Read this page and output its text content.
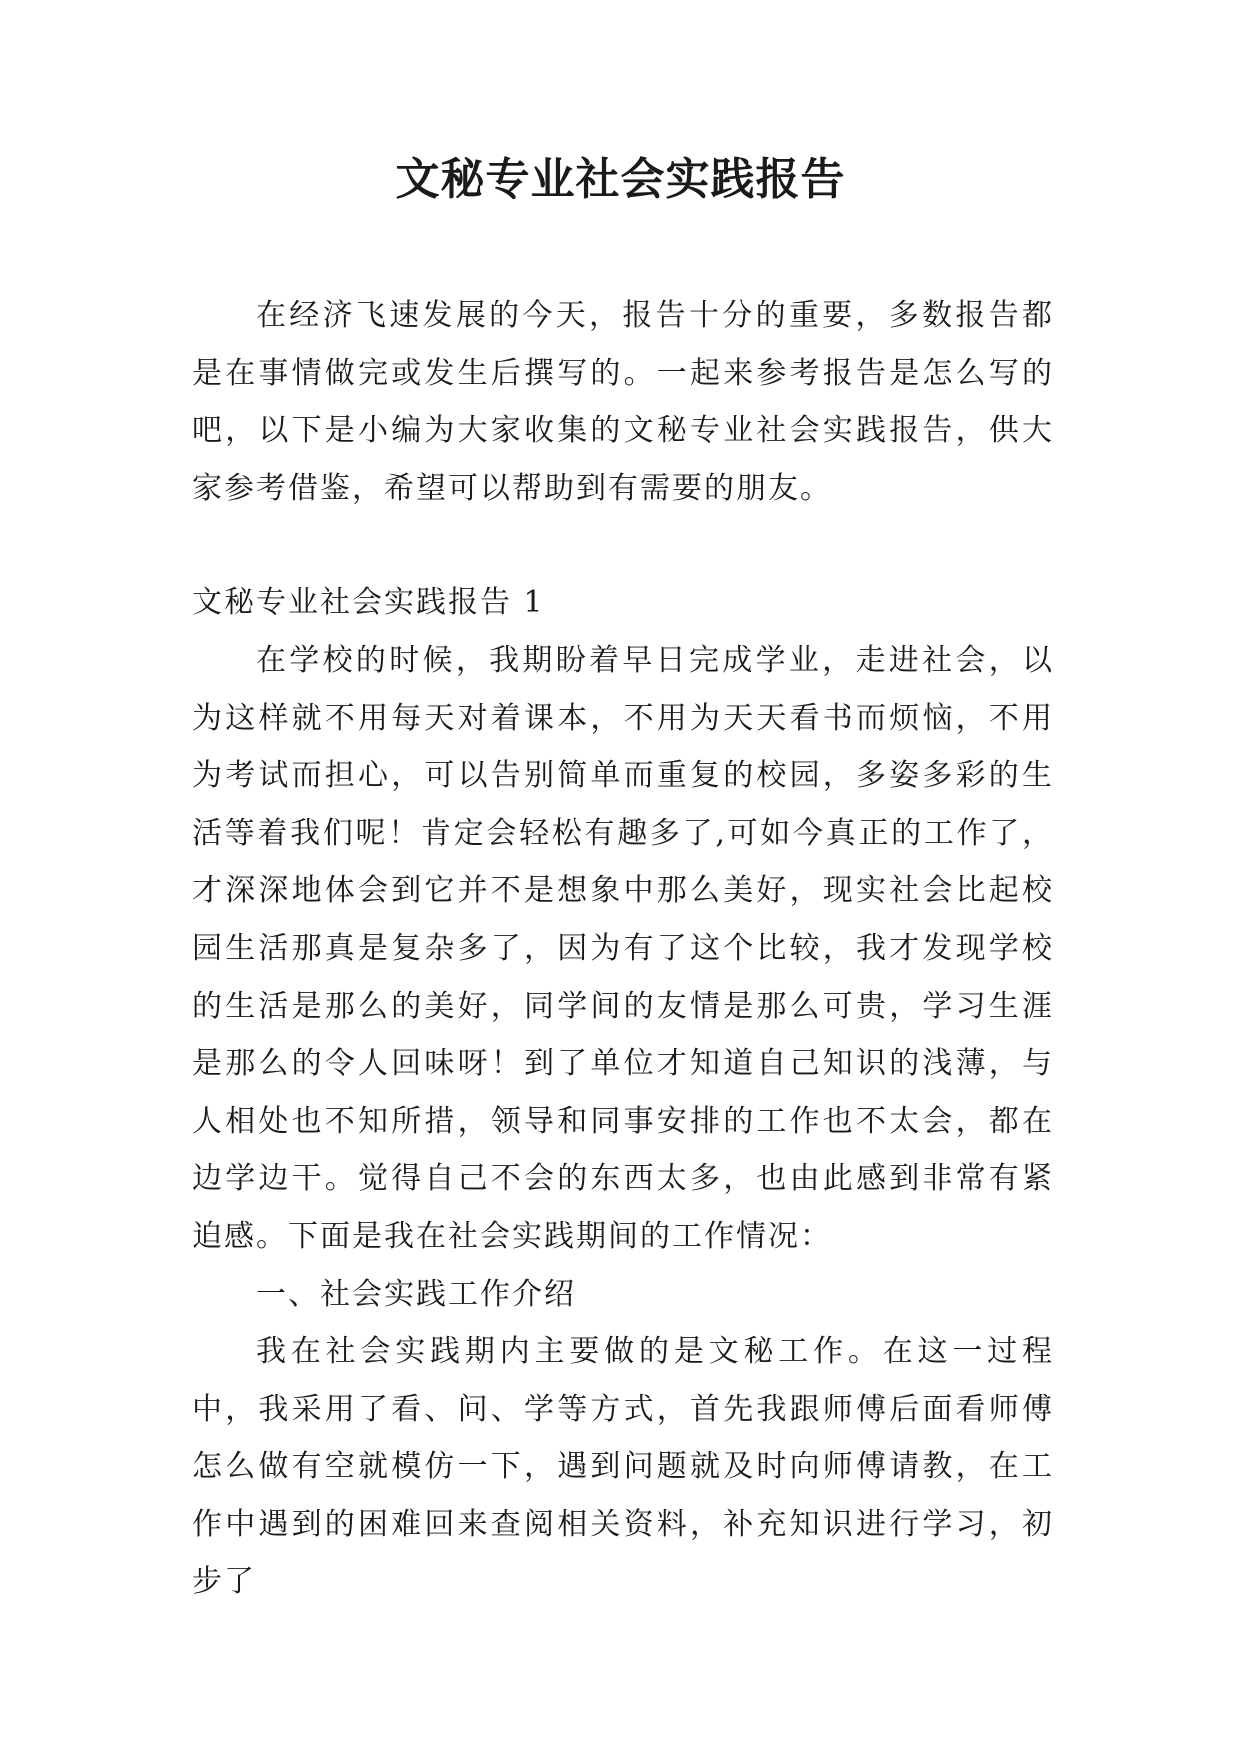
文秘专业社会实践报告

在经济飞速发展的今天，报告十分的重要，多数报告都是在事情做完或发生后撰写的。一起来参考报告是怎么写的吧，以下是小编为大家收集的文秘专业社会实践报告，供大家参考借鉴，希望可以帮助到有需要的朋友。

文秘专业社会实践报告 1

在学校的时候，我期盼着早日完成学业，走进社会，以为这样就不用每天对着课本，不用为天天看书而烦恼，不用为考试而担心，可以告别简单而重复的校园，多姿多彩的生活等着我们呢！肯定会轻松有趣多了,可如今真正的工作了，才深深地体会到它并不是想象中那么美好，现实社会比起校园生活那真是复杂多了，因为有了这个比较，我才发现学校的生活是那么的美好，同学间的友情是那么可贵，学习生涯是那么的令人回味呀！到了单位才知道自己知识的浅薄，与人相处也不知所措，领导和同事安排的工作也不太会，都在边学边干。觉得自己不会的东西太多，也由此感到非常有紧迫感。下面是我在社会实践期间的工作情况：

一、社会实践工作介绍

我在社会实践期内主要做的是文秘工作。在这一过程中，我采用了看、问、学等方式，首先我跟师傅后面看师傅怎么做有空就模仿一下，遇到问题就及时向师傅请教，在工作中遇到的困难回来查阅相关资料，补充知识进行学习，初步了
